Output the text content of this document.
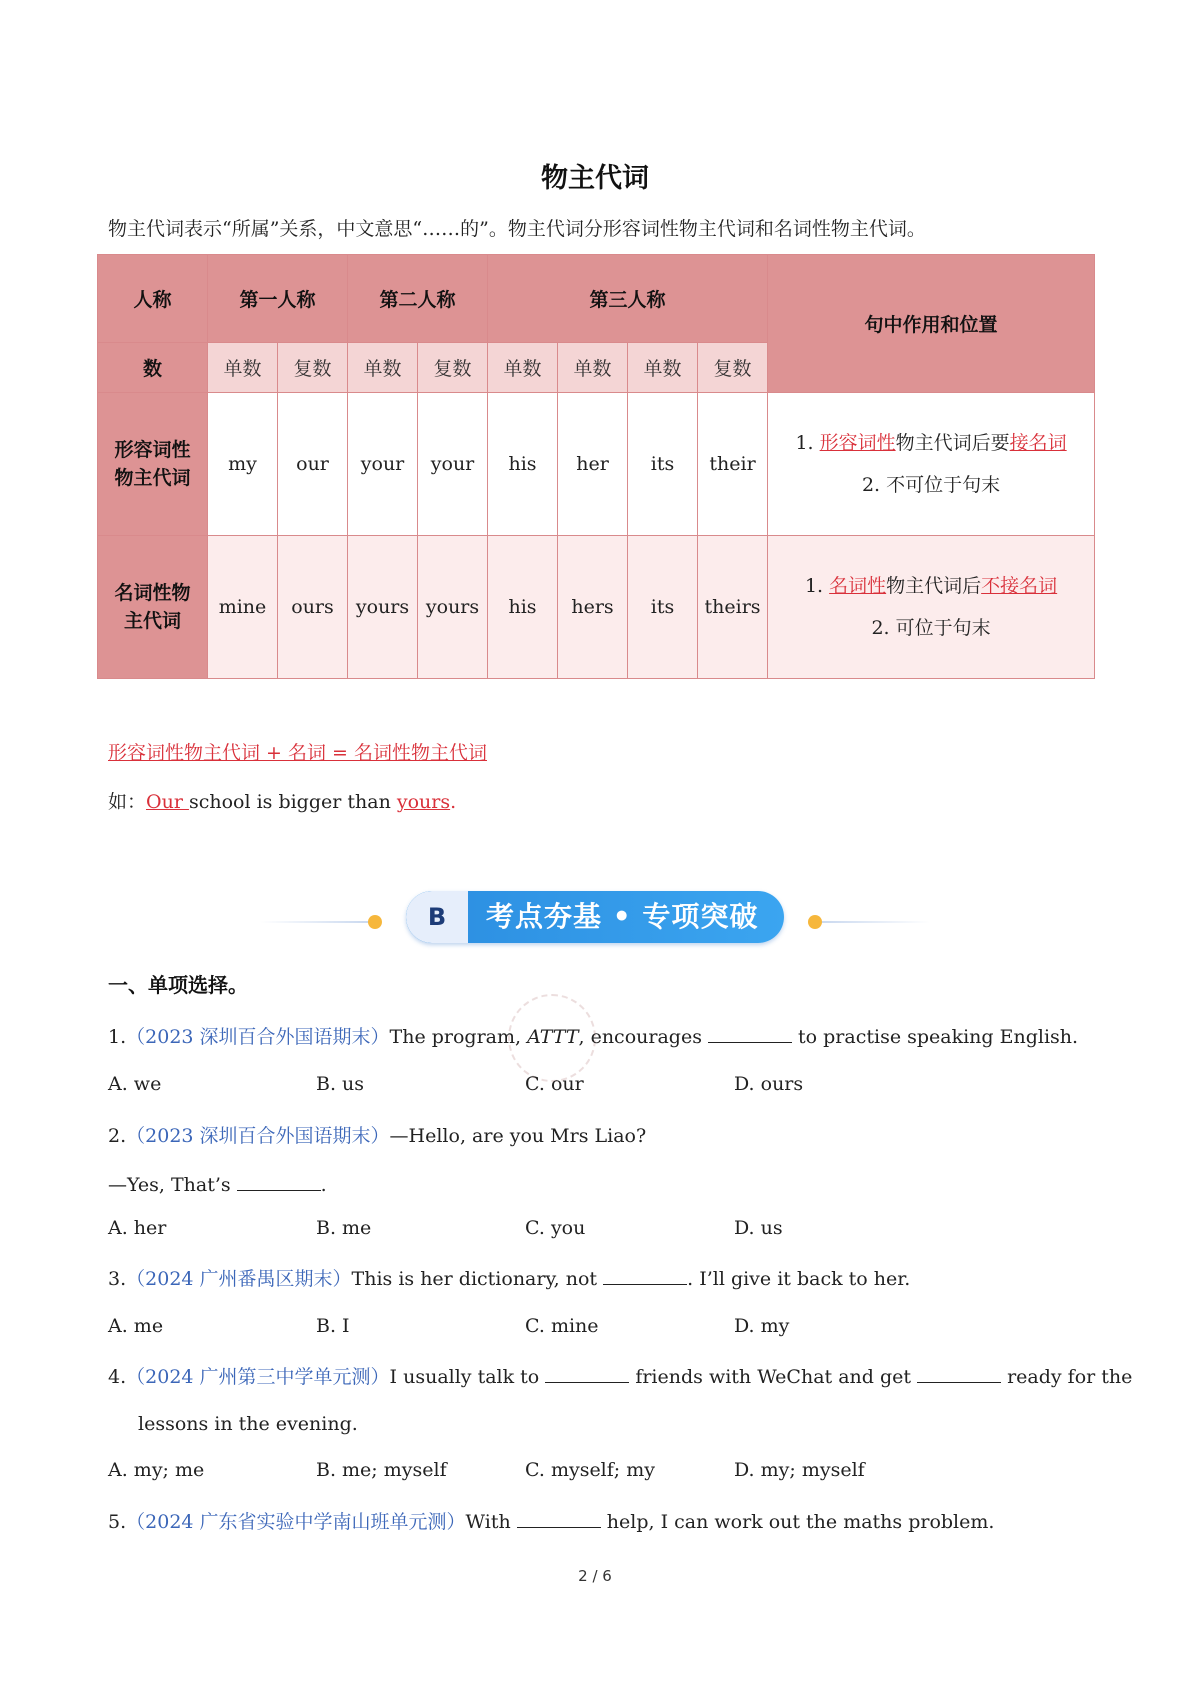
物主代词
物主代词表示“所属”关系，中文意思“……的”。物主代词分形容词性物主代词和名词性物主代词。
人称	第一人称		第二人称		第三人称				句中作用和位置
数	单数	复数	单数	复数	单数	单数	单数	复数	
形容词性物主代词	my	our	your	your	his	her	its	their	1. 形容词性物主代词后要接名词
2. 不可位于句末

名词性物主代词	mine	ours	yours	yours	his	hers	its	theirs	1. 名词性物主代词后不接名词
2. 可位于句末
形容词性物主代词 + 名词 = 名词性物主代词
如：Our school is bigger than yours.
B	考点夯基 • 专项突破
一、单项选择。
1.（2023 深圳百合外国语期末）The program, ATTT, encourages	to practise speaking English.
A. we	B. us	C. our	D. ours
2.（2023 深圳百合外国语期末）—Hello, are you Mrs Liao?
—Yes, That’s	.
A. her	B. me	C. you	D. us
3.（2024 广州番禺区期末）This is her dictionary, not	. I’ll give it back to her.
A. me	B. I	C. mine	D. my
4.（2024 广州第三中学单元测）I usually talk to	friends with WeChat and get	ready for the
lessons in the evening.
A. my; me	B. me; myself	C. myself; my	D. my; myself
5.（2024 广东省实验中学南山班单元测）With	help, I can work out the maths problem.
2 / 6
